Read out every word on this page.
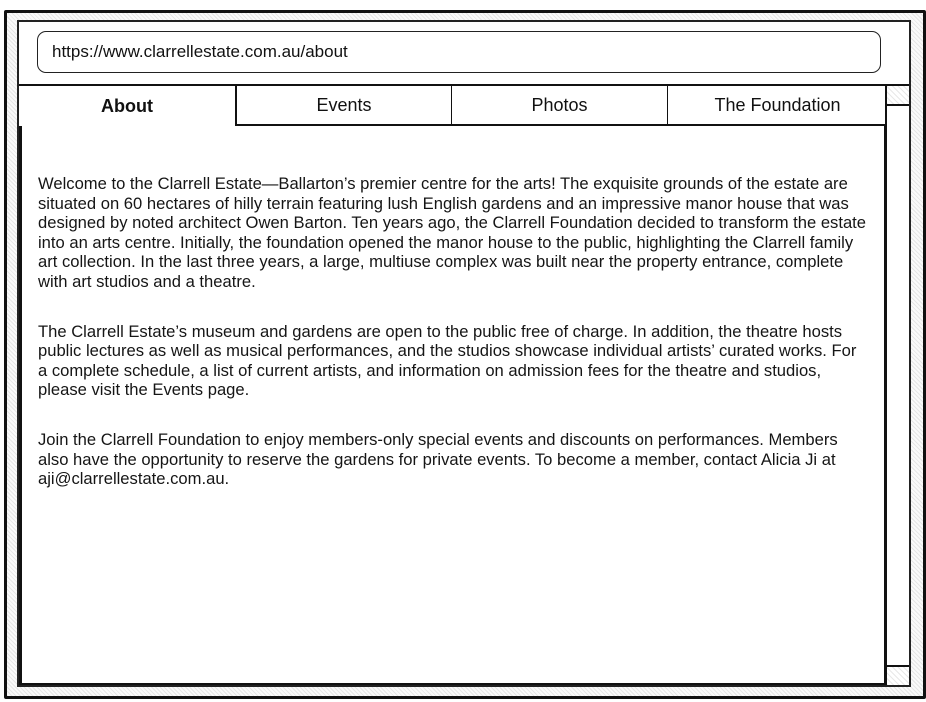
https://www.clarrellestate.com.au/about
About	Events	Photos	The Foundation

Welcome to the Clarrell Estate—Ballarton’s premier centre for the arts! The exquisite grounds of the estate are situated on 60 hectares of hilly terrain featuring lush English gardens and an impressive manor house that was designed by noted architect Owen Barton. Ten years ago, the Clarrell Foundation decided to transform the estate into an arts centre. Initially, the foundation opened the manor house to the public, highlighting the Clarrell family art collection. In the last three years, a large, multiuse complex was built near the property entrance, complete with art studios and a theatre.

The Clarrell Estate’s museum and gardens are open to the public free of charge. In addition, the theatre hosts public lectures as well as musical performances, and the studios showcase individual artists’ curated works. For a complete schedule, a list of current artists, and information on admission fees for the theatre and studios, please visit the Events page.

Join the Clarrell Foundation to enjoy members-only special events and discounts on performances. Members also have the opportunity to reserve the gardens for private events. To become a member, contact Alicia Ji at aji@clarrellestate.com.au.
